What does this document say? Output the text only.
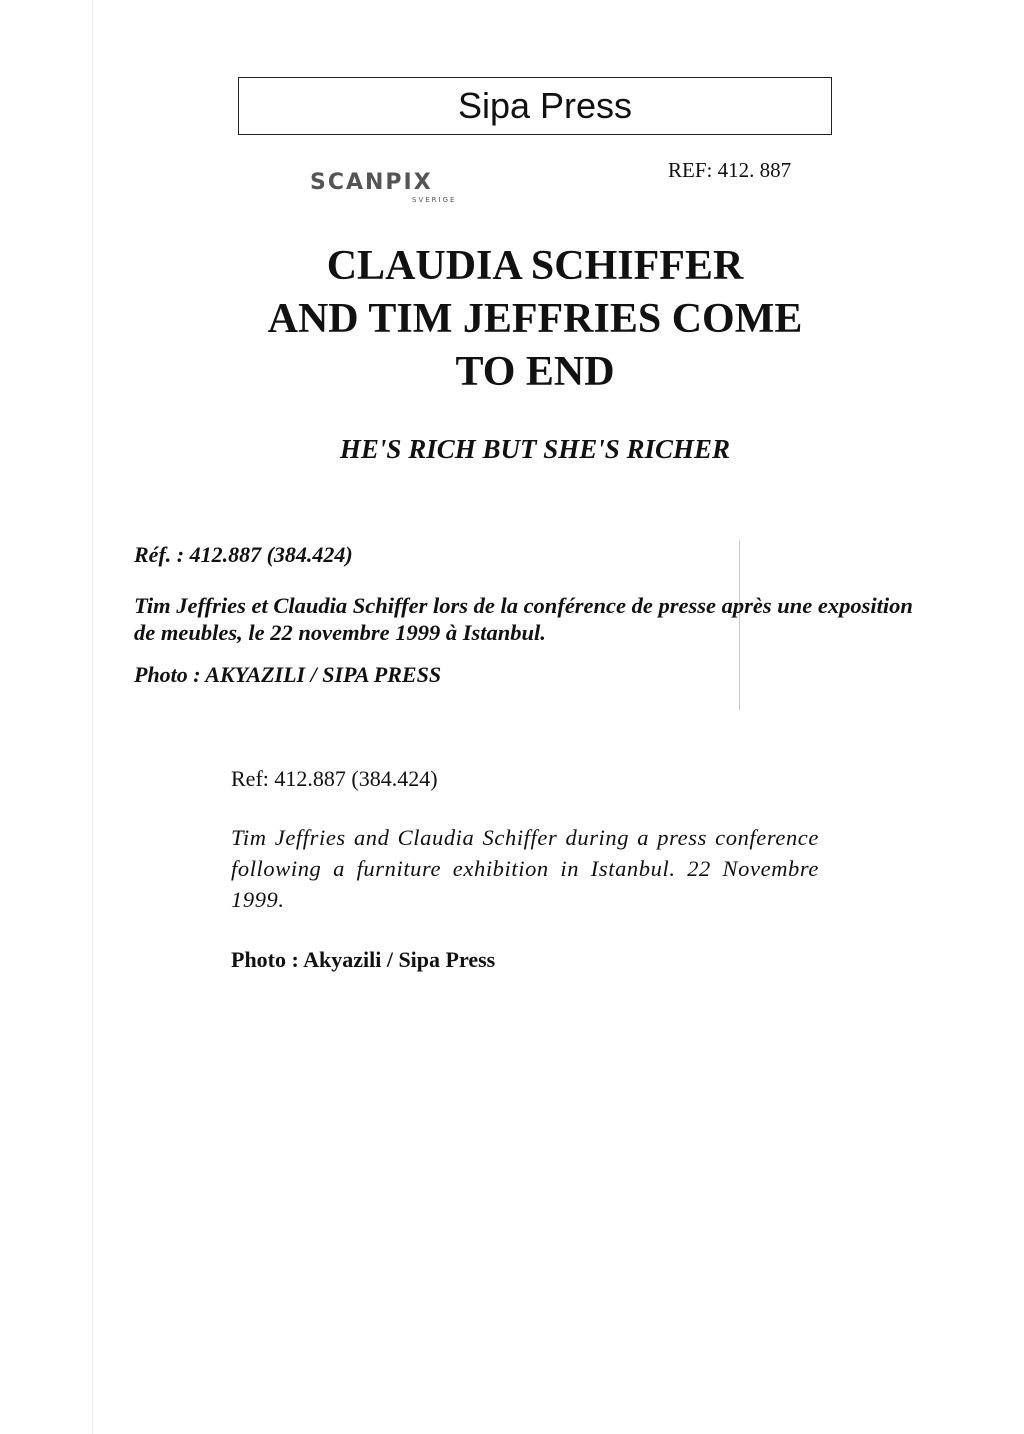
Sipa Press
SCANPIX
SVERIGE
REF: 412. 887
CLAUDIA SCHIFFER
AND TIM JEFFRIES COME
TO END
HE'S RICH BUT SHE'S RICHER
Réf. : 412.887 (384.424)
Tim Jeffries et Claudia Schiffer lors de la conférence de presse après une exposition de meubles, le 22 novembre 1999 à Istanbul.
Photo : AKYAZILI / SIPA PRESS
Ref: 412.887 (384.424)
Tim Jeffries and Claudia Schiffer during a press conference following a furniture exhibition in Istanbul. 22 Novembre 1999.
Photo : Akyazili / Sipa Press
